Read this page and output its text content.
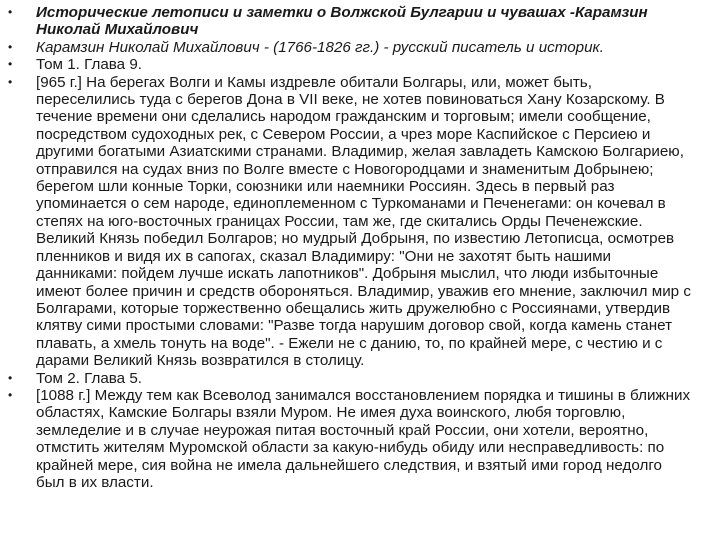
• Исторические летописи и заметки о Волжской Булгарии и чувашах -Карамзин Николай Михайлович
• Карамзин Николай Михайлович - (1766-1826 гг.) - русский писатель и историк.
• Том 1. Глава 9.
• [965 г.] На берегах Волги и Камы издревле обитали Болгары, или, может быть, переселились туда с берегов Дона в VII веке, не хотев повиноваться Хану Козарскому. В течение времени они сделались народом гражданским и торговым; имели сообщение, посредством судоходных рек, с Севером России, а чрез море Каспийское с Персиею и другими богатыми Азиатскими странами. Владимир, желая завладеть Камскою Болгариею, отправился на судах вниз по Волге вместе с Новогородцами и знаменитым Добрынею; берегом шли конные Торки, союзники или наемники Россиян. Здесь в первый раз упоминается о сем народе, единоплеменном с Туркоманами и Печенегами: он кочевал в степях на юго-восточных границах России, там же, где скитались Орды Печенежские. Великий Князь победил Болгаров; но мудрый Добрыня, по известию Летописца, осмотрев пленников и видя их в сапогах, сказал Владимиру: "Они не захотят быть нашими данниками: пойдем лучше искать лапотников". Добрыня мыслил, что люди избыточные имеют более причин и средств обороняться. Владимир, уважив его мнение, заключил мир с Болгарами, которые торжественно обещались жить дружелюбно с Россиянами, утвердив клятву сими простыми словами: "Разве тогда нарушим договор свой, когда камень станет плавать, а хмель тонуть на воде". - Ежели не с данию, то, по крайней мере, с честию и с дарами Великий Князь возвратился в столицу.
• Том 2. Глава 5.
• [1088 г.] Между тем как Всеволод занимался восстановлением порядка и тишины в ближних областях, Камские Болгары взяли Муром. Не имея духа воинского, любя торговлю, земледелие и в случае неурожая питая восточный край России, они хотели, вероятно, отмстить жителям Муромской области за какую-нибудь обиду или несправедливость: по крайней мере, сия война не имела дальнейшего следствия, и взятый ими город недолго был в их власти.
